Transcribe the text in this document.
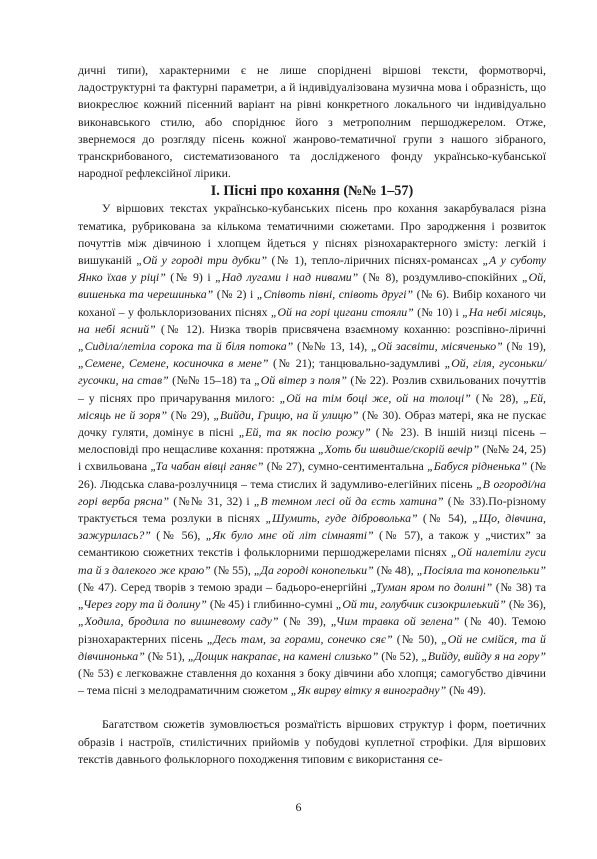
дичні типи), характерними є не лише споріднені віршові тексти, формотворчі, ладоструктурні та фактурні параметри, а й індивідуалізована музична мова і образність, що виокреслює кожний пісенний варіант на рівні конкретного локального чи індивідуально виконавського стилю, або споріднює його з метрополним першоджерелом. Отже, звернемося до розгляду пісень кожної жанрово-тематичної групи з нашого зібраного, транскрибованого, систематизованого та дослідженого фонду українсько-кубанської народної рефлексійної лірики.

I. Пісні про кохання (№№ 1–57)

У віршових текстах українсько-кубанських пісень про кохання закарбувалася різна тематика, рубрикована за кількома тематичними сюжетами. Про зародження і розвиток почуттів між дівчиною і хлопцем йдеться у піснях різнохарактерного змісту: легкій і вишуканій „Ой у городі три дубки” (№ 1), тепло-ліричних піснях-романсах „А у суботу Янко їхав у ріці” (№ 9) і „Над лугами і над нивами” (№ 8), роздумливо-спокійних „Ой, вишенька та черешинька” (№ 2) і „Співоть півні, співоть другі” (№ 6). Вибір коханого чи коханої – у фольклоризованих піснях „Ой на горі цигани стояли” (№ 10) і „На небі місяць, на небі ясний” (№ 12). Низка творів присвячена взаємному коханню: розспівно-ліричні „Сиділа/летіла сорока та й біля потока” (№№ 13, 14), „Ой засвіти, місяченько” (№ 19), „Семене, Семене, косиночка в мене” (№ 21); танцювально-задумливі „Ой, гіля, гусоньки/гусочки, на став” (№№ 15–18) та „Ой вітер з поля” (№ 22). Розлив схвильованих почуттів – у піснях про причарування милого: „Ой на тім боці же, ой на толоці” (№ 28), „Ей, місяць не й зоря” (№ 29), „Вийди, Грицю, на й улицю” (№ 30). Образ матері, яка не пускає дочку гуляти, домінує в пісні „Ей, та як посію рожу” (№ 23). В іншій низці пісень – мелосповіді про нещасливе кохання: протяжна „Хоть би швидше/скорій вечір” (№№ 24, 25) і схвильована „Та чабан вівці ганяє” (№ 27), сумно-сентиментальна „Бабуся рідненька” (№ 26). Людська слава-розлучниця – тема стислих й задумливо-елегійних пісень „В огороді/на горі верба рясна” (№№ 31, 32) і „В темном лесі ой да єсть хатина” (№ 33).По-різному трактується тема розлуки в піснях „Шумить, гуде діброволька” (№ 54), „Що, дівчина, зажурилась?” (№ 56), „Як було мнє ой літ сімнаяті” (№ 57), а також у „чистих” за семантикою сюжетних текстів і фольклорними першоджерелами піснях „Ой налетіли гуси та й з далекого же краю” (№ 55), „Да городі конопельки” (№ 48), „Посіяла та конопельки” (№ 47). Серед творів з темою зради – бадьоро-енергійні „Туман яром по долині” (№ 38) та „Через гору та й долину” (№ 45) і глибинно-сумні „Ой ти, голубчик сизокрилеький” (№ 36), „Ходила, бродила по вишневому саду” (№ 39), „Чим травка ой зелена” (№ 40). Темою різнохарактерних пісень „Десь там, за горами, сонечко сяє” (№ 50), „Ой не смійся, та й дівчинонька” (№ 51), „Дощик накрапає, на камені слизько” (№ 52), „Вийду, вийду я на гору” (№ 53) є легковажне ставлення до кохання з боку дівчини або хлопця; самогубство дівчини – тема пісні з мелодраматичним сюжетом „Як вирву вітку я виноградну” (№ 49).

Багатством сюжетів зумовлюється розмаїтість віршових структур і форм, поетичних образів і настроїв, стилістичних прийомів у побудові куплетної строфіки. Для віршових текстів давнього фольклорного походження типовим є використання се-

6
